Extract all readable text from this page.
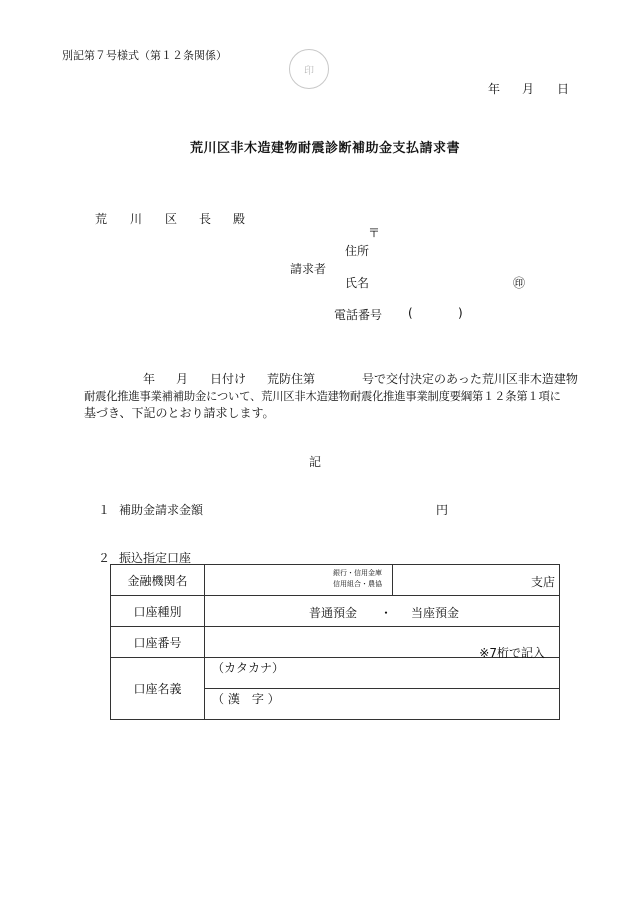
別記第７号様式（第１２条関係）
印
年 月 日
荒川区非木造建物耐震診断補助金支払請求書
荒 川 区 長 殿
〒
住所
請求者
氏名	㊞
電話番号 (	)
年 月 日付け 荒防住第	号で交付決定のあった荒川区非木造建物
耐震化推進事業補補助金について、荒川区非木造建物耐震化推進事業制度要綱第１２条第１項に
基づき、下記のとおり請求します。
記
１ 補助金請求金額	円
２ 振込指定口座
金融機関名	銀行・信用金庫
信用組合・農協 支店

口座種別	普通預金 ・ 当座預金

口座番号	※7桁で記入

口座名義	（カタカナ）

	（ 漢　字 ）
